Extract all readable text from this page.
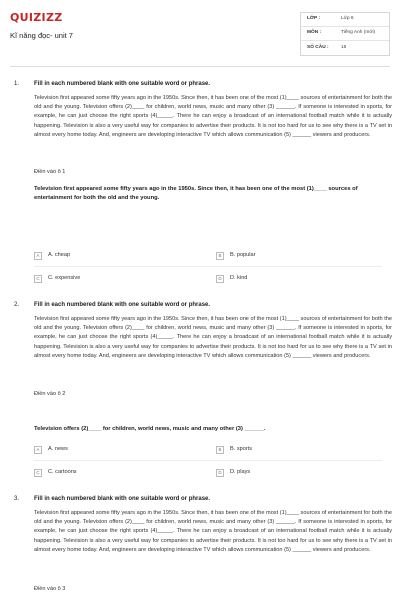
QUIZIZZ
Kĩ năng đọc- unit 7
LỚP :	Lớp 6
MÔN :	Tiếng Anh (mới)
SỐ CÂU :	15
1. Fill in each numbered blank with one suitable word or phrase.
Television first appeared some fifty years ago in the 1950s. Since then, it has been one of the most (1)____ sources of entertainment for both the old and the young. Television offers (2)____ for children, world news, music and many other (3) ______. If someone is interested in sports, for example, he can just choose the right sports (4)_____. There he can enjoy a broadcast of an international football match while it is actually happening. Television is also a very useful way for companies to advertise their products. It is not too hard for us to see why there is a TV set in almost every home today. And, engineers are developing interactive TV which allows communication (5) ______ viewers and producers.
Điền vào ô 1
Television first appeared some fifty years ago in the 1950s. Since then, it has been one of the most (1)____ sources of entertainment for both the old and the young.
A	A. cheap	B	B. popular
C	C. expensive	D	D. kind
2. Fill in each numbered blank with one suitable word or phrase.
Television first appeared some fifty years ago in the 1950s. Since then, it has been one of the most (1)____ sources of entertainment for both the old and the young. Television offers (2)____ for children, world news, music and many other (3) ______. If someone is interested in sports, for example, he can just choose the right sports (4)_____. There he can enjoy a broadcast of an international football match while it is actually happening. Television is also a very useful way for companies to advertise their products. It is not too hard for us to see why there is a TV set in almost every home today. And, engineers are developing interactive TV which allows communication (5) ______ viewers and producers.
Điền vào ô 2
Television offers (2)____ for children, world news, music and many other (3) ______.
A	A. news	B	B. sports
C	C. cartoons	D	D. plays
3. Fill in each numbered blank with one suitable word or phrase.
Television first appeared some fifty years ago in the 1950s. Since then, it has been one of the most (1)____ sources of entertainment for both the old and the young. Television offers (2)____ for children, world news, music and many other (3) ______. If someone is interested in sports, for example, he can just choose the right sports (4)_____. There he can enjoy a broadcast of an international football match while it is actually happening. Television is also a very useful way for companies to advertise their products. It is not too hard for us to see why there is a TV set in almost every home today. And, engineers are developing interactive TV which allows communication (5) ______ viewers and producers.
Điền vào ô 3
